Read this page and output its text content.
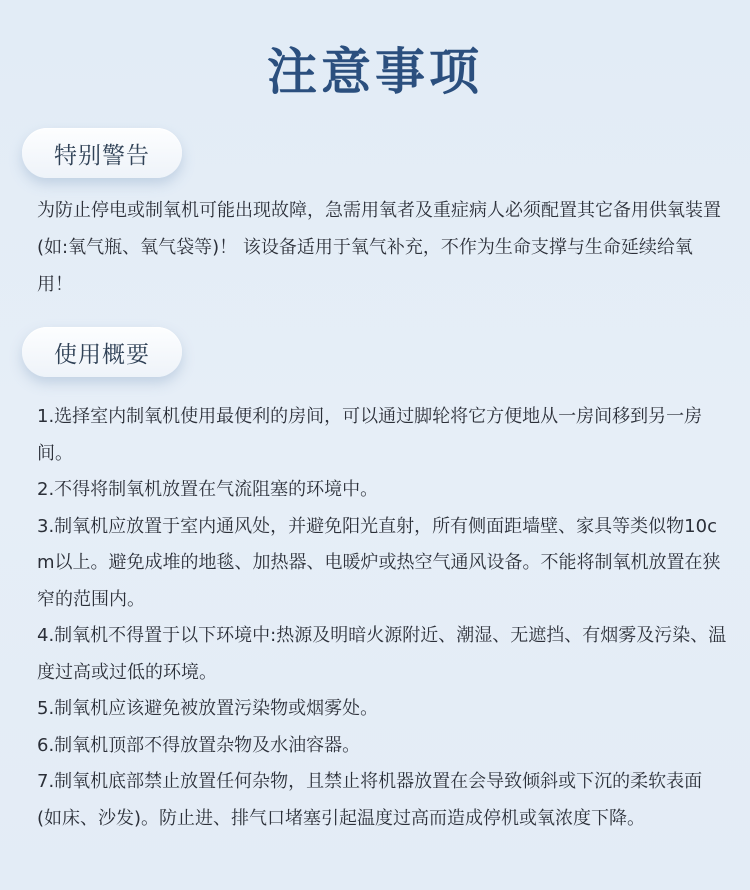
注意事项
特别警告
为防止停电或制氧机可能出现故障，急需用氧者及重症病人必须配置其它备用供氧装置(如:氧气瓶、氧气袋等)！ 该设备适用于氧气补充，不作为生命支撑与生命延续给氧用！
使用概要
1.选择室内制氧机使用最便利的房间，可以通过脚轮将它方便地从一房间移到另一房间。
2.不得将制氧机放置在气流阻塞的环境中。
3.制氧机应放置于室内通风处，并避免阳光直射，所有侧面距墙壁、家具等类似物10cm以上。避免成堆的地毯、加热器、电暖炉或热空气通风设备。不能将制氧机放置在狭窄的范围内。
4.制氧机不得置于以下环境中:热源及明暗火源附近、潮湿、无遮挡、有烟雾及污染、温度过高或过低的环境。
5.制氧机应该避免被放置污染物或烟雾处。
6.制氧机顶部不得放置杂物及水油容器。
7.制氧机底部禁止放置任何杂物，且禁止将机器放置在会导致倾斜或下沉的柔软表面(如床、沙发)。防止进、排气口堵塞引起温度过高而造成停机或氧浓度下降。
